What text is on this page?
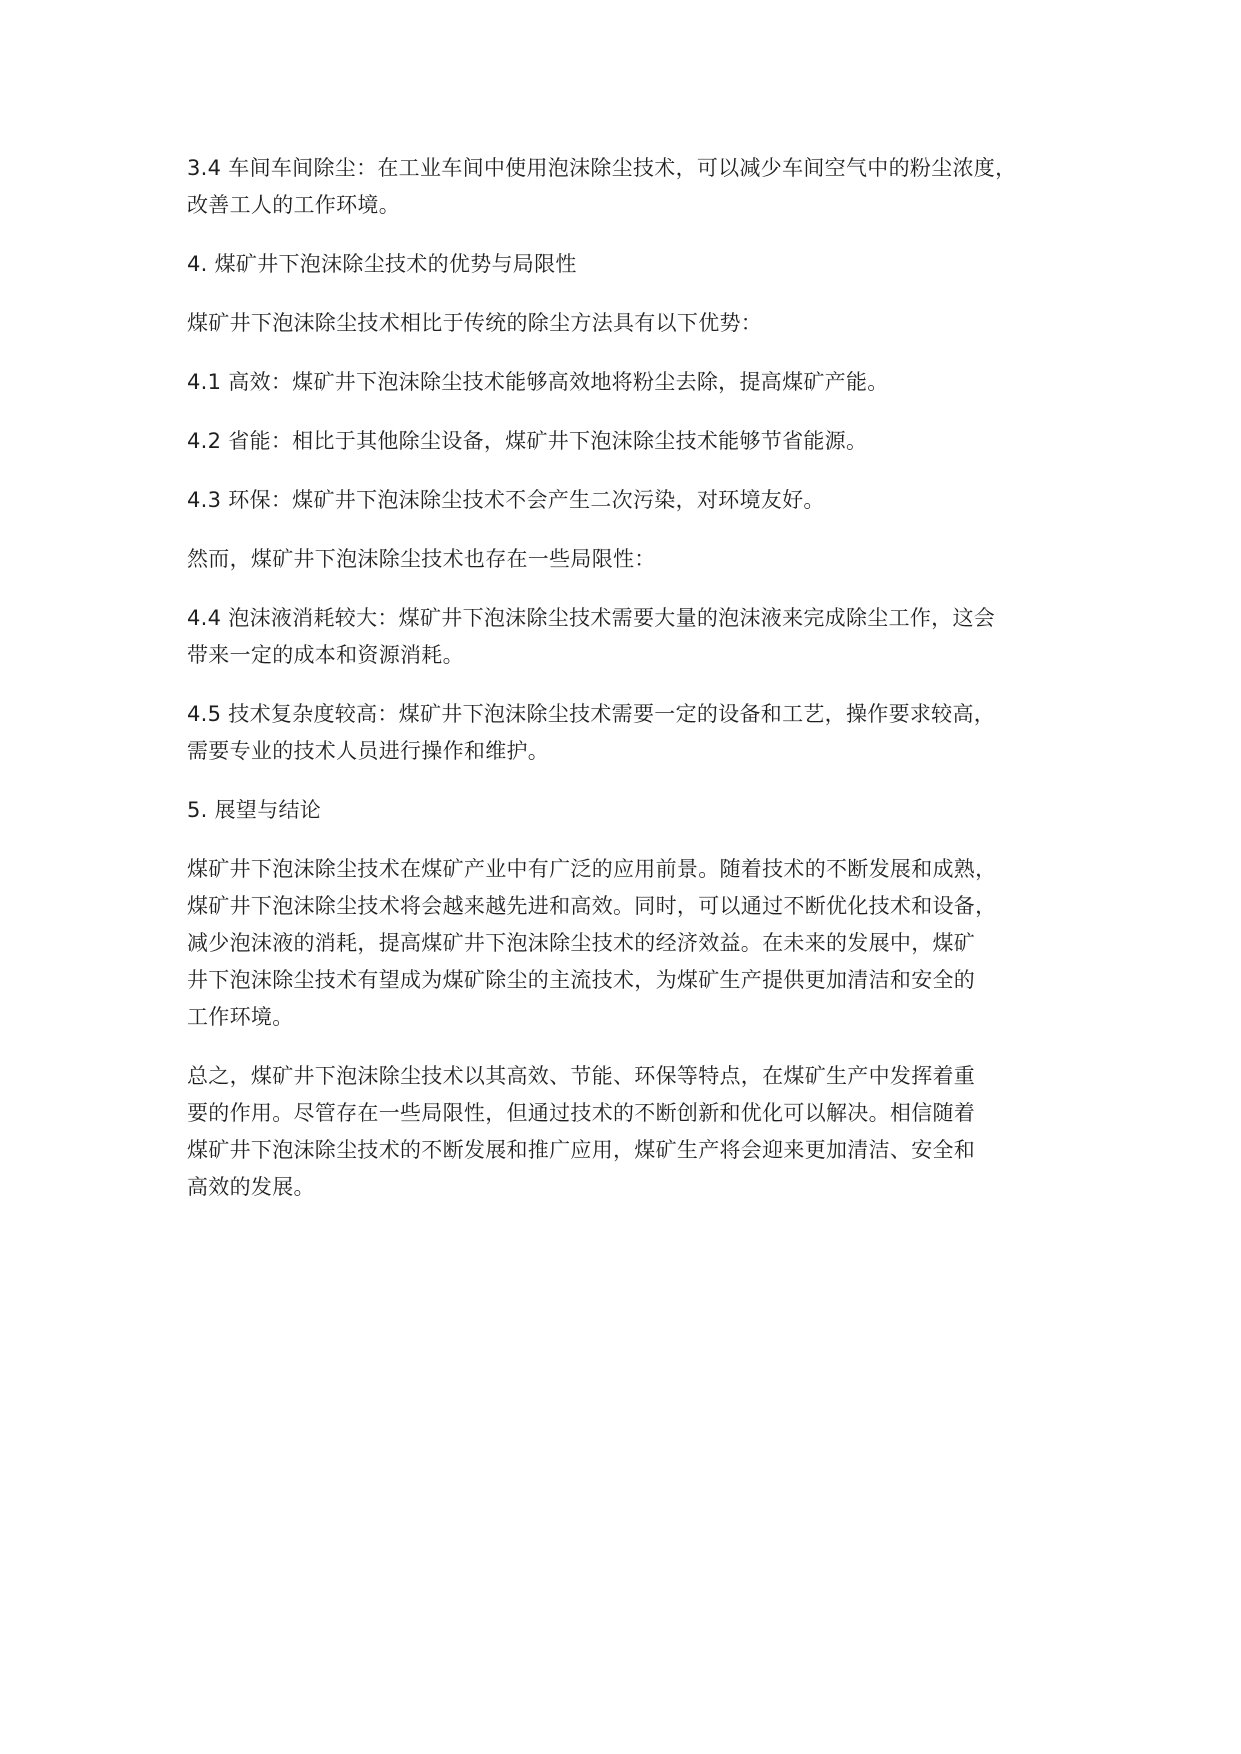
3.4 车间车间除尘：在工业车间中使用泡沫除尘技术，可以减少车间空气中的粉尘浓度，
改善工人的工作环境。

4. 煤矿井下泡沫除尘技术的优势与局限性

煤矿井下泡沫除尘技术相比于传统的除尘方法具有以下优势：

4.1 高效：煤矿井下泡沫除尘技术能够高效地将粉尘去除，提高煤矿产能。

4.2 省能：相比于其他除尘设备，煤矿井下泡沫除尘技术能够节省能源。

4.3 环保：煤矿井下泡沫除尘技术不会产生二次污染，对环境友好。

然而，煤矿井下泡沫除尘技术也存在一些局限性：

4.4 泡沫液消耗较大：煤矿井下泡沫除尘技术需要大量的泡沫液来完成除尘工作，这会
带来一定的成本和资源消耗。

4.5 技术复杂度较高：煤矿井下泡沫除尘技术需要一定的设备和工艺，操作要求较高，
需要专业的技术人员进行操作和维护。

5. 展望与结论

煤矿井下泡沫除尘技术在煤矿产业中有广泛的应用前景。随着技术的不断发展和成熟，
煤矿井下泡沫除尘技术将会越来越先进和高效。同时，可以通过不断优化技术和设备，
减少泡沫液的消耗，提高煤矿井下泡沫除尘技术的经济效益。在未来的发展中，煤矿
井下泡沫除尘技术有望成为煤矿除尘的主流技术，为煤矿生产提供更加清洁和安全的
工作环境。

总之，煤矿井下泡沫除尘技术以其高效、节能、环保等特点，在煤矿生产中发挥着重
要的作用。尽管存在一些局限性，但通过技术的不断创新和优化可以解决。相信随着
煤矿井下泡沫除尘技术的不断发展和推广应用，煤矿生产将会迎来更加清洁、安全和
高效的发展。
